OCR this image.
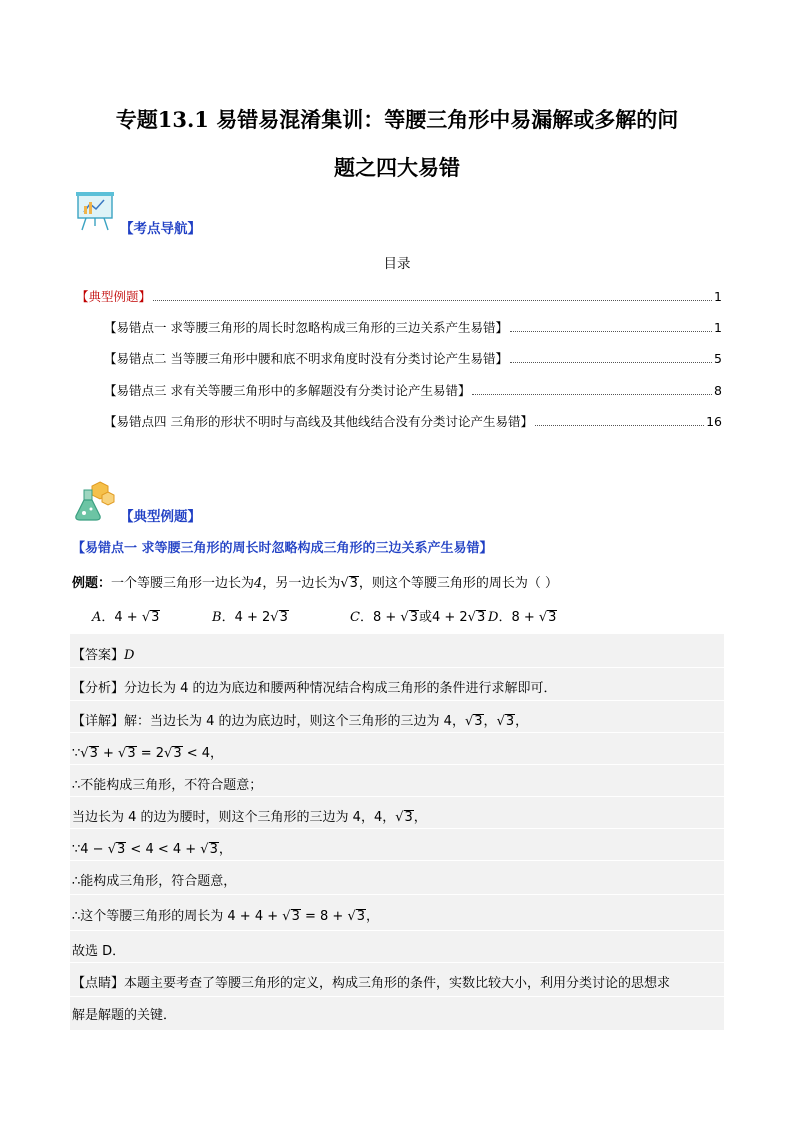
专题13.1 易错易混淆集训：等腰三角形中易漏解或多解的问
题之四大易错
【考点导航】
目录
【典型例题】	1
【易错点一 求等腰三角形的周长时忽略构成三角形的三边关系产生易错】	1
【易错点二 当等腰三角形中腰和底不明求角度时没有分类讨论产生易错】	5
【易错点三 求有关等腰三角形中的多解题没有分类讨论产生易错】	8
【易错点四 三角形的形状不明时与高线及其他线结合没有分类讨论产生易错】	16
【典型例题】
【易错点一 求等腰三角形的周长时忽略构成三角形的三边关系产生易错】
例题：一个等腰三角形一边长为4，另一边长为√3，则这个等腰三角形的周长为（ ）
A．4 + √3	B．4 + 2√3	C．8 + √3或4 + 2√3 D．8 + √3
【答案】D
【分析】分边长为 4 的边为底边和腰两种情况结合构成三角形的条件进行求解即可．
【详解】解：当边长为 4 的边为底边时，则这个三角形的三边为 4，√3，√3，
∵√3 + √3 = 2√3 < 4，
∴不能构成三角形，不符合题意；
当边长为 4 的边为腰时，则这个三角形的三边为 4，4，√3，
∵4 − √3 < 4 < 4 + √3，
∴能构成三角形，符合题意，
∴这个等腰三角形的周长为 4 + 4 + √3 = 8 + √3，
故选 D．
【点睛】本题主要考查了等腰三角形的定义，构成三角形的条件，实数比较大小，利用分类讨论的思想求
解是解题的关键．
